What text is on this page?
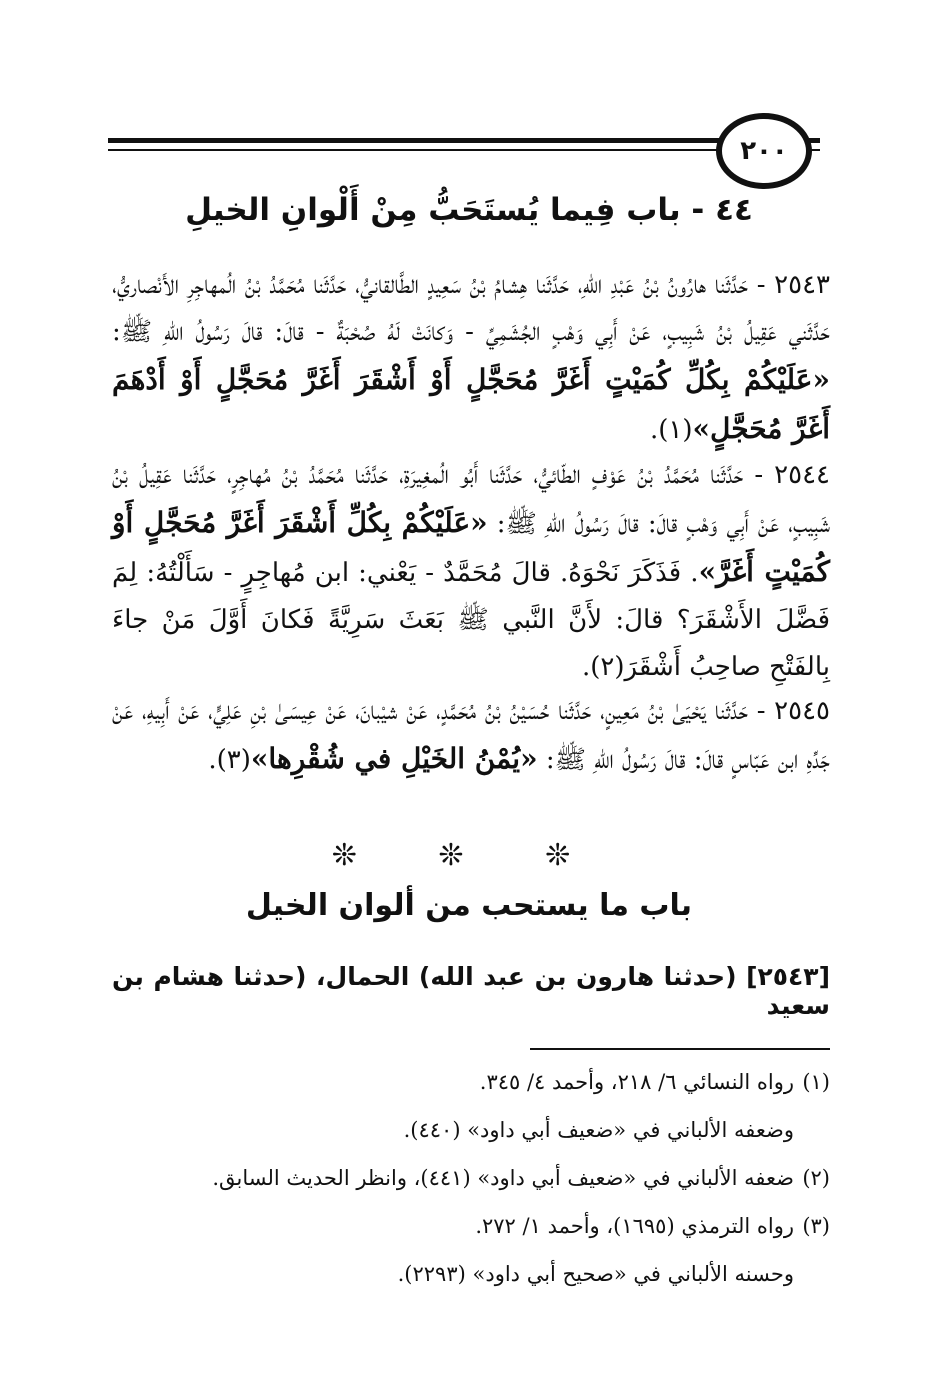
٢٠٠
٤٤ - باب فِيما يُستَحَبُّ مِنْ أَلْوانِ الخيلِ
٢٥٤٣ - حَدَّثَنا هارُونُ بْنُ عَبْدِ اللهِ، حَدَّثَنا هِشامُ بْنُ سَعِيدٍ الطَّالقانيُّ، حَدَّثَنا مُحَمَّدُ بْنُ الُمهاجِرِ الأَنْصاريُّ، حَدَّثَني عَقِيلُ بْنُ شَبِيبٍ، عَنْ أَبِي وَهْبٍ الجُشَمِيِّ - وَكانَتْ لَهُ صُحْبَةٌ - قالَ: قالَ رَسُولُ اللهِ ﷺ: «عَلَيْكُمْ بِكُلِّ كُمَيْتٍ أَغَرَّ مُحَجَّلٍ أَوْ أَشْقَرَ أَغَرَّ مُحَجَّلٍ أَوْ أَدْهَمَ أَغَرَّ مُحَجَّلٍ»(١).
٢٥٤٤ - حَدَّثَنا مُحَمَّدُ بْنُ عَوْفٍ الطّائيُّ، حَدَّثَنا أَبُو الُمغِيرَةِ، حَدَّثَنا مُحَمَّدُ بْنُ مُهاجِرٍ، حَدَّثَنا عَقِيلُ بْنُ شَبِيبٍ، عَنْ أَبِي وَهْبٍ قالَ: قالَ رَسُولُ اللهِ ﷺ: «عَلَيْكُمْ بِكُلِّ أَشْقَرَ أَغَرَّ مُحَجَّلٍ أَوْ كُمَيْتٍ أَغَرَّ». فَذَكَرَ نَحْوَهُ. قالَ مُحَمَّدٌ - يَعْني: ابن مُهاجِرٍ - سَأَلْتُهُ: لِمَ فَضَّلَ الأَشْقَرَ؟ قالَ: لأَنَّ النَّبي ﷺ بَعَثَ سَرِيَّةً فَكانَ أَوَّلَ مَنْ جاءَ بِالفَتْحِ صاحِبُ أَشْقَرَ(٢).
٢٥٤٥ - حَدَّثَنا يَحْيَىٰ بْنُ مَعِينٍ، حَدَّثَنا حُسَيْنُ بْنُ مُحَمَّدٍ، عَنْ شيْبانَ، عَنْ عِيسَىٰ بْنِ عَلِيٍّ، عَنْ أَبِيهِ، عَنْ جَدِّهِ ابن عَبّاسٍ قالَ: قالَ رَسُولُ اللهِ ﷺ: «يُمْنُ الخَيْلِ في شُقْرِها»(٣).
❊ ❊ ❊
باب ما يستحب من ألوان الخيل
[٢٥٤٣] (حدثنا هارون بن عبد الله) الحمال، (حدثنا هشام بن سعيد
(١)رواه النسائي ٦/ ٢١٨، وأحمد ٤/ ٣٤٥.
وضعفه الألباني في «ضعيف أبي داود» (٤٤٠).
(٢)ضعفه الألباني في «ضعيف أبي داود» (٤٤١)، وانظر الحديث السابق.
(٣)رواه الترمذي (١٦٩٥)، وأحمد ١/ ٢٧٢.
وحسنه الألباني في «صحيح أبي داود» (٢٢٩٣).
